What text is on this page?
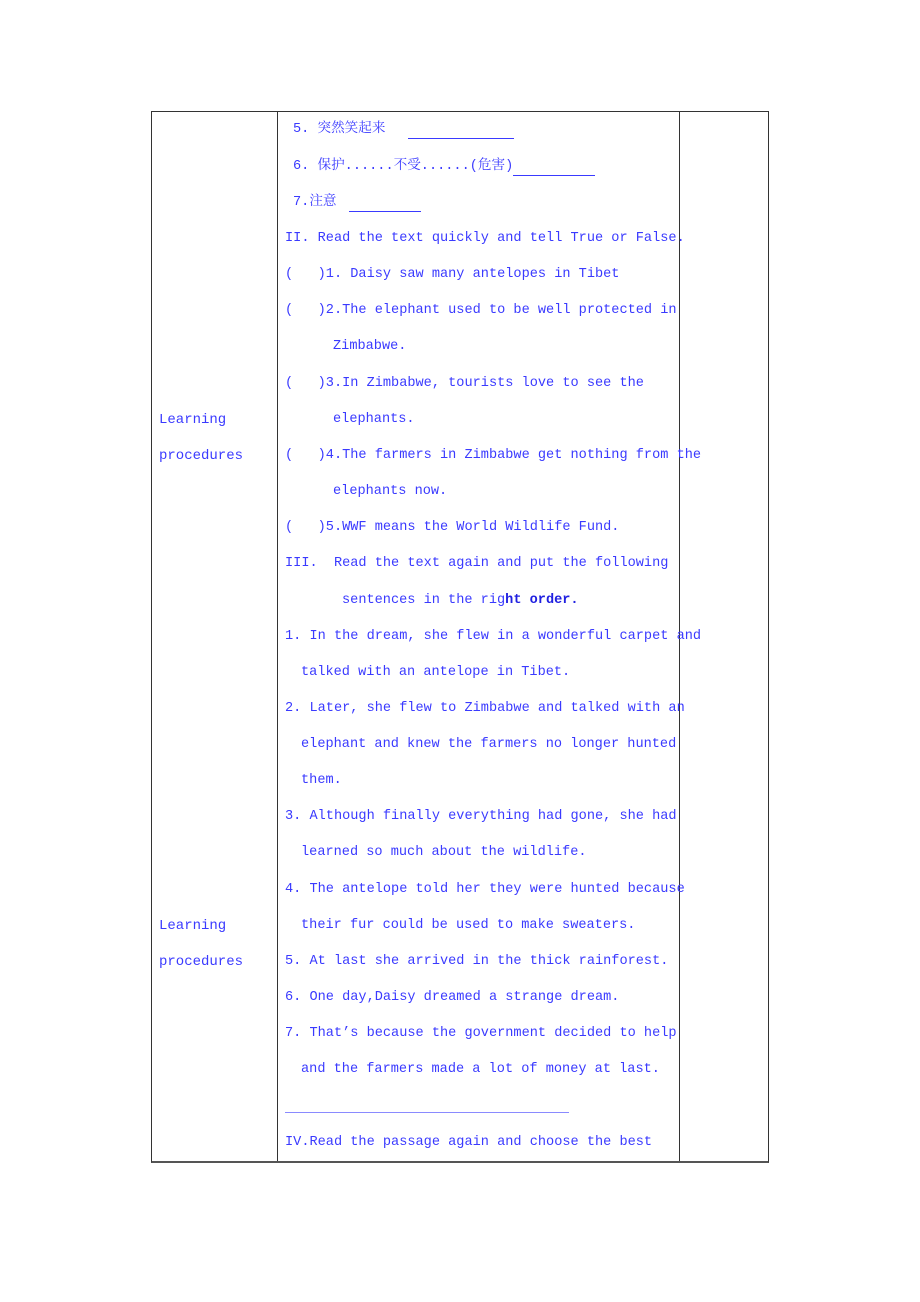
Learning
procedures
Learning
procedures
5. 突然笑起来
6. 保护......不受......(危害)
7.注意
II. Read the text quickly and tell True or False.
(   )1. Daisy saw many antelopes in Tibet
(   )2.The elephant used to be well protected in
Zimbabwe.
(   )3.In Zimbabwe, tourists love to see the
elephants.
(   )4.The farmers in Zimbabwe get nothing from the
elephants now.
(   )5.WWF means the World Wildlife Fund.
III.  Read the text again and put the following
sentences in the right order.
1. In the dream, she flew in a wonderful carpet and
talked with an antelope in Tibet.
2. Later, she flew to Zimbabwe and talked with an
elephant and knew the farmers no longer hunted
them.
3. Although finally everything had gone, she had
learned so much about the wildlife.
4. The antelope told her they were hunted because
their fur could be used to make sweaters.
5. At last she arrived in the thick rainforest.
6. One day,Daisy dreamed a strange dream.
7. That’s because the government decided to help
and the farmers made a lot of money at last.
IV.Read the passage again and choose the best
